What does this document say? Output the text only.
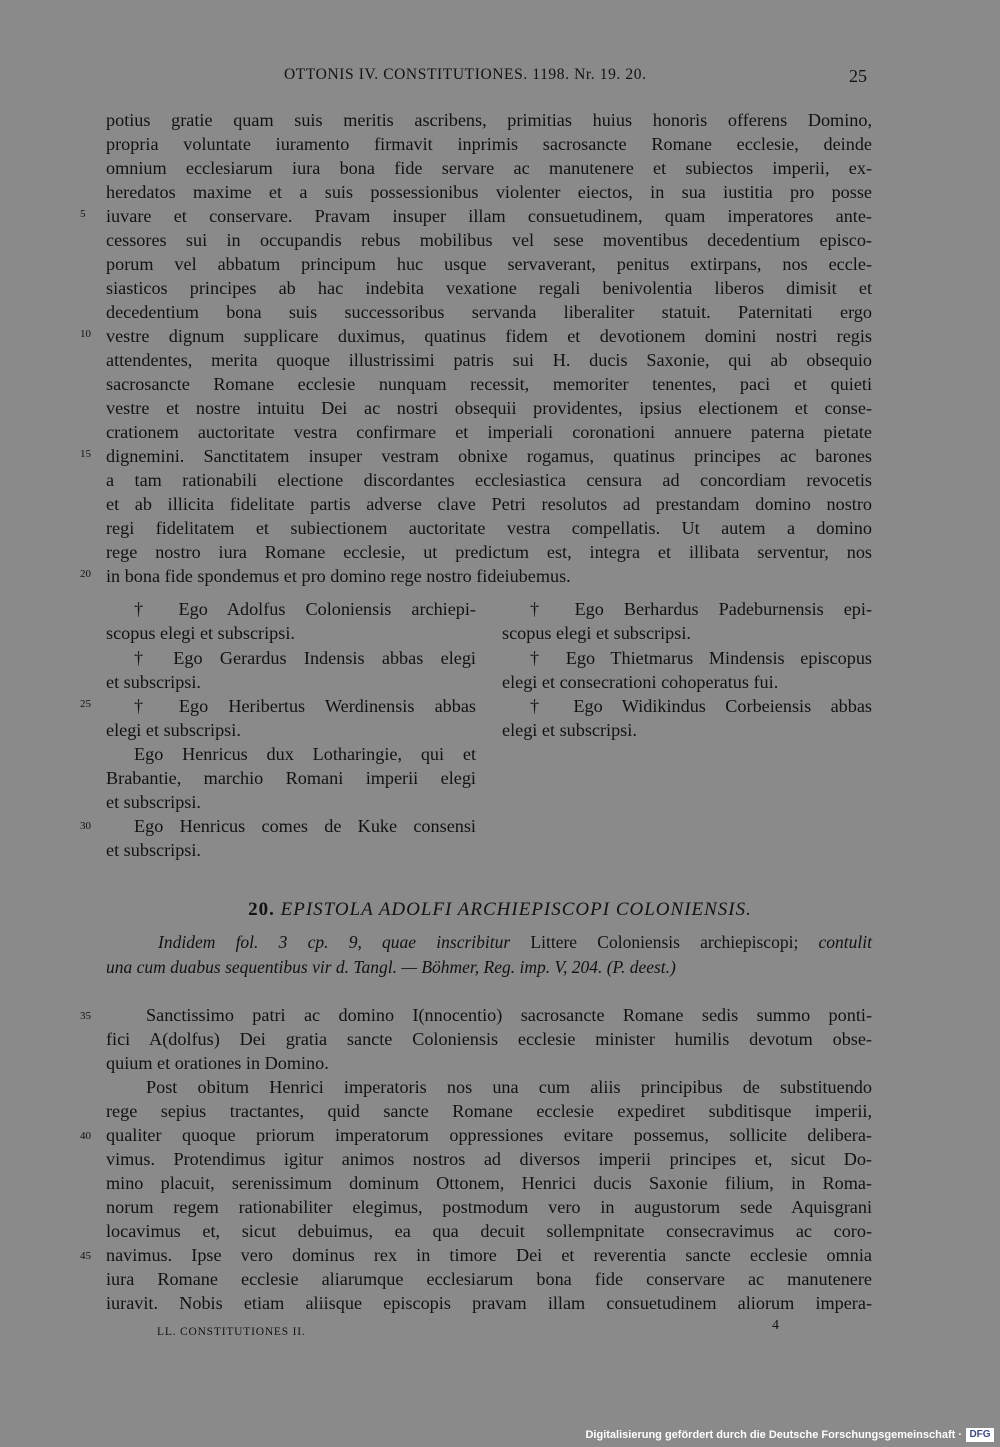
OTTONIS IV. CONSTITUTIONES. 1198. Nr. 19. 20.	25
potius gratie quam suis meritis ascribens, primitias huius honoris offerens Domino,
propria voluntate iuramento firmavit inprimis sacrosancte Romane ecclesie, deinde
omnium ecclesiarum iura bona fide servare ac manutenere et subiectos imperii, ex-
heredatos maxime et a suis possessionibus violenter eiectos, in sua iustitia pro posse
iuvare et conservare. Pravam insuper illam consuetudinem, quam imperatores ante-
cessores sui in occupandis rebus mobilibus vel sese moventibus decedentium episco-
porum vel abbatum principum huc usque servaverant, penitus extirpans, nos eccle-
siasticos principes ab hac indebita vexatione regali benivolentia liberos dimisit et
decedentium bona suis successoribus servanda liberaliter statuit. Paternitati ergo
vestre dignum supplicare duximus, quatinus fidem et devotionem domini nostri regis
attendentes, merita quoque illustrissimi patris sui H. ducis Saxonie, qui ab obsequio
sacrosancte Romane ecclesie nunquam recessit, memoriter tenentes, paci et quieti
vestre et nostre intuitu Dei ac nostri obsequii providentes, ipsius electionem et conse-
crationem auctoritate vestra confirmare et imperiali coronationi annuere paterna pietate
dignemini. Sanctitatem insuper vestram obnixe rogamus, quatinus principes ac barones
a tam rationabili electione discordantes ecclesiastica censura ad concordiam revocetis
et ab illicita fidelitate partis adverse clave Petri resolutos ad prestandam domino nostro
regi fidelitatem et subiectionem auctoritate vestra compellatis. Ut autem a domino
rege nostro iura Romane ecclesie, ut predictum est, integra et illibata serventur, nos
in bona fide spondemus et pro domino rege nostro fideiubemus.
5
10
15
20
25
30
35
40
45
† Ego Adolfus Coloniensis archiepi-
scopus elegi et subscripsi.
† Ego Gerardus Indensis abbas elegi
et subscripsi.
† Ego Heribertus Werdinensis abbas
elegi et subscripsi.
Ego Henricus dux Lotharingie, qui et
Brabantie, marchio Romani imperii elegi
et subscripsi.
Ego Henricus comes de Kuke consensi
et subscripsi.
† Ego Berhardus Padeburnensis epi-
scopus elegi et subscripsi.
† Ego Thietmarus Mindensis episcopus
elegi et consecrationi cohoperatus fui.
† Ego Widikindus Corbeiensis abbas
elegi et subscripsi.
20. EPISTOLA ADOLFI ARCHIEPISCOPI COLONIENSIS.
Indidem fol. 3 cp. 9, quae inscribitur Littere Coloniensis archiepiscopi; contulit
una cum duabus sequentibus vir d. Tangl. — Böhmer, Reg. imp. V, 204. (P. deest.)
Sanctissimo patri ac domino I(nnocentio) sacrosancte Romane sedis summo ponti-
fici A(dolfus) Dei gratia sancte Coloniensis ecclesie minister humilis devotum obse-
quium et orationes in Domino.
Post obitum Henrici imperatoris nos una cum aliis principibus de substituendo
rege sepius tractantes, quid sancte Romane ecclesie expediret subditisque imperii,
qualiter quoque priorum imperatorum oppressiones evitare possemus, sollicite delibera-
vimus. Protendimus igitur animos nostros ad diversos imperii principes et, sicut Do-
mino placuit, serenissimum dominum Ottonem, Henrici ducis Saxonie filium, in Roma-
norum regem rationabiliter elegimus, postmodum vero in augustorum sede Aquisgrani
locavimus et, sicut debuimus, ea qua decuit sollempnitate consecravimus ac coro-
navimus. Ipse vero dominus rex in timore Dei et reverentia sancte ecclesie omnia
iura Romane ecclesie aliarumque ecclesiarum bona fide conservare ac manutenere
iuravit. Nobis etiam aliisque episcopis pravam illam consuetudinem aliorum impera-
LL. CONSTITUTIONES II.	4
Digitalisierung gefördert durch die Deutsche Forschungsgemeinschaft · DFG
